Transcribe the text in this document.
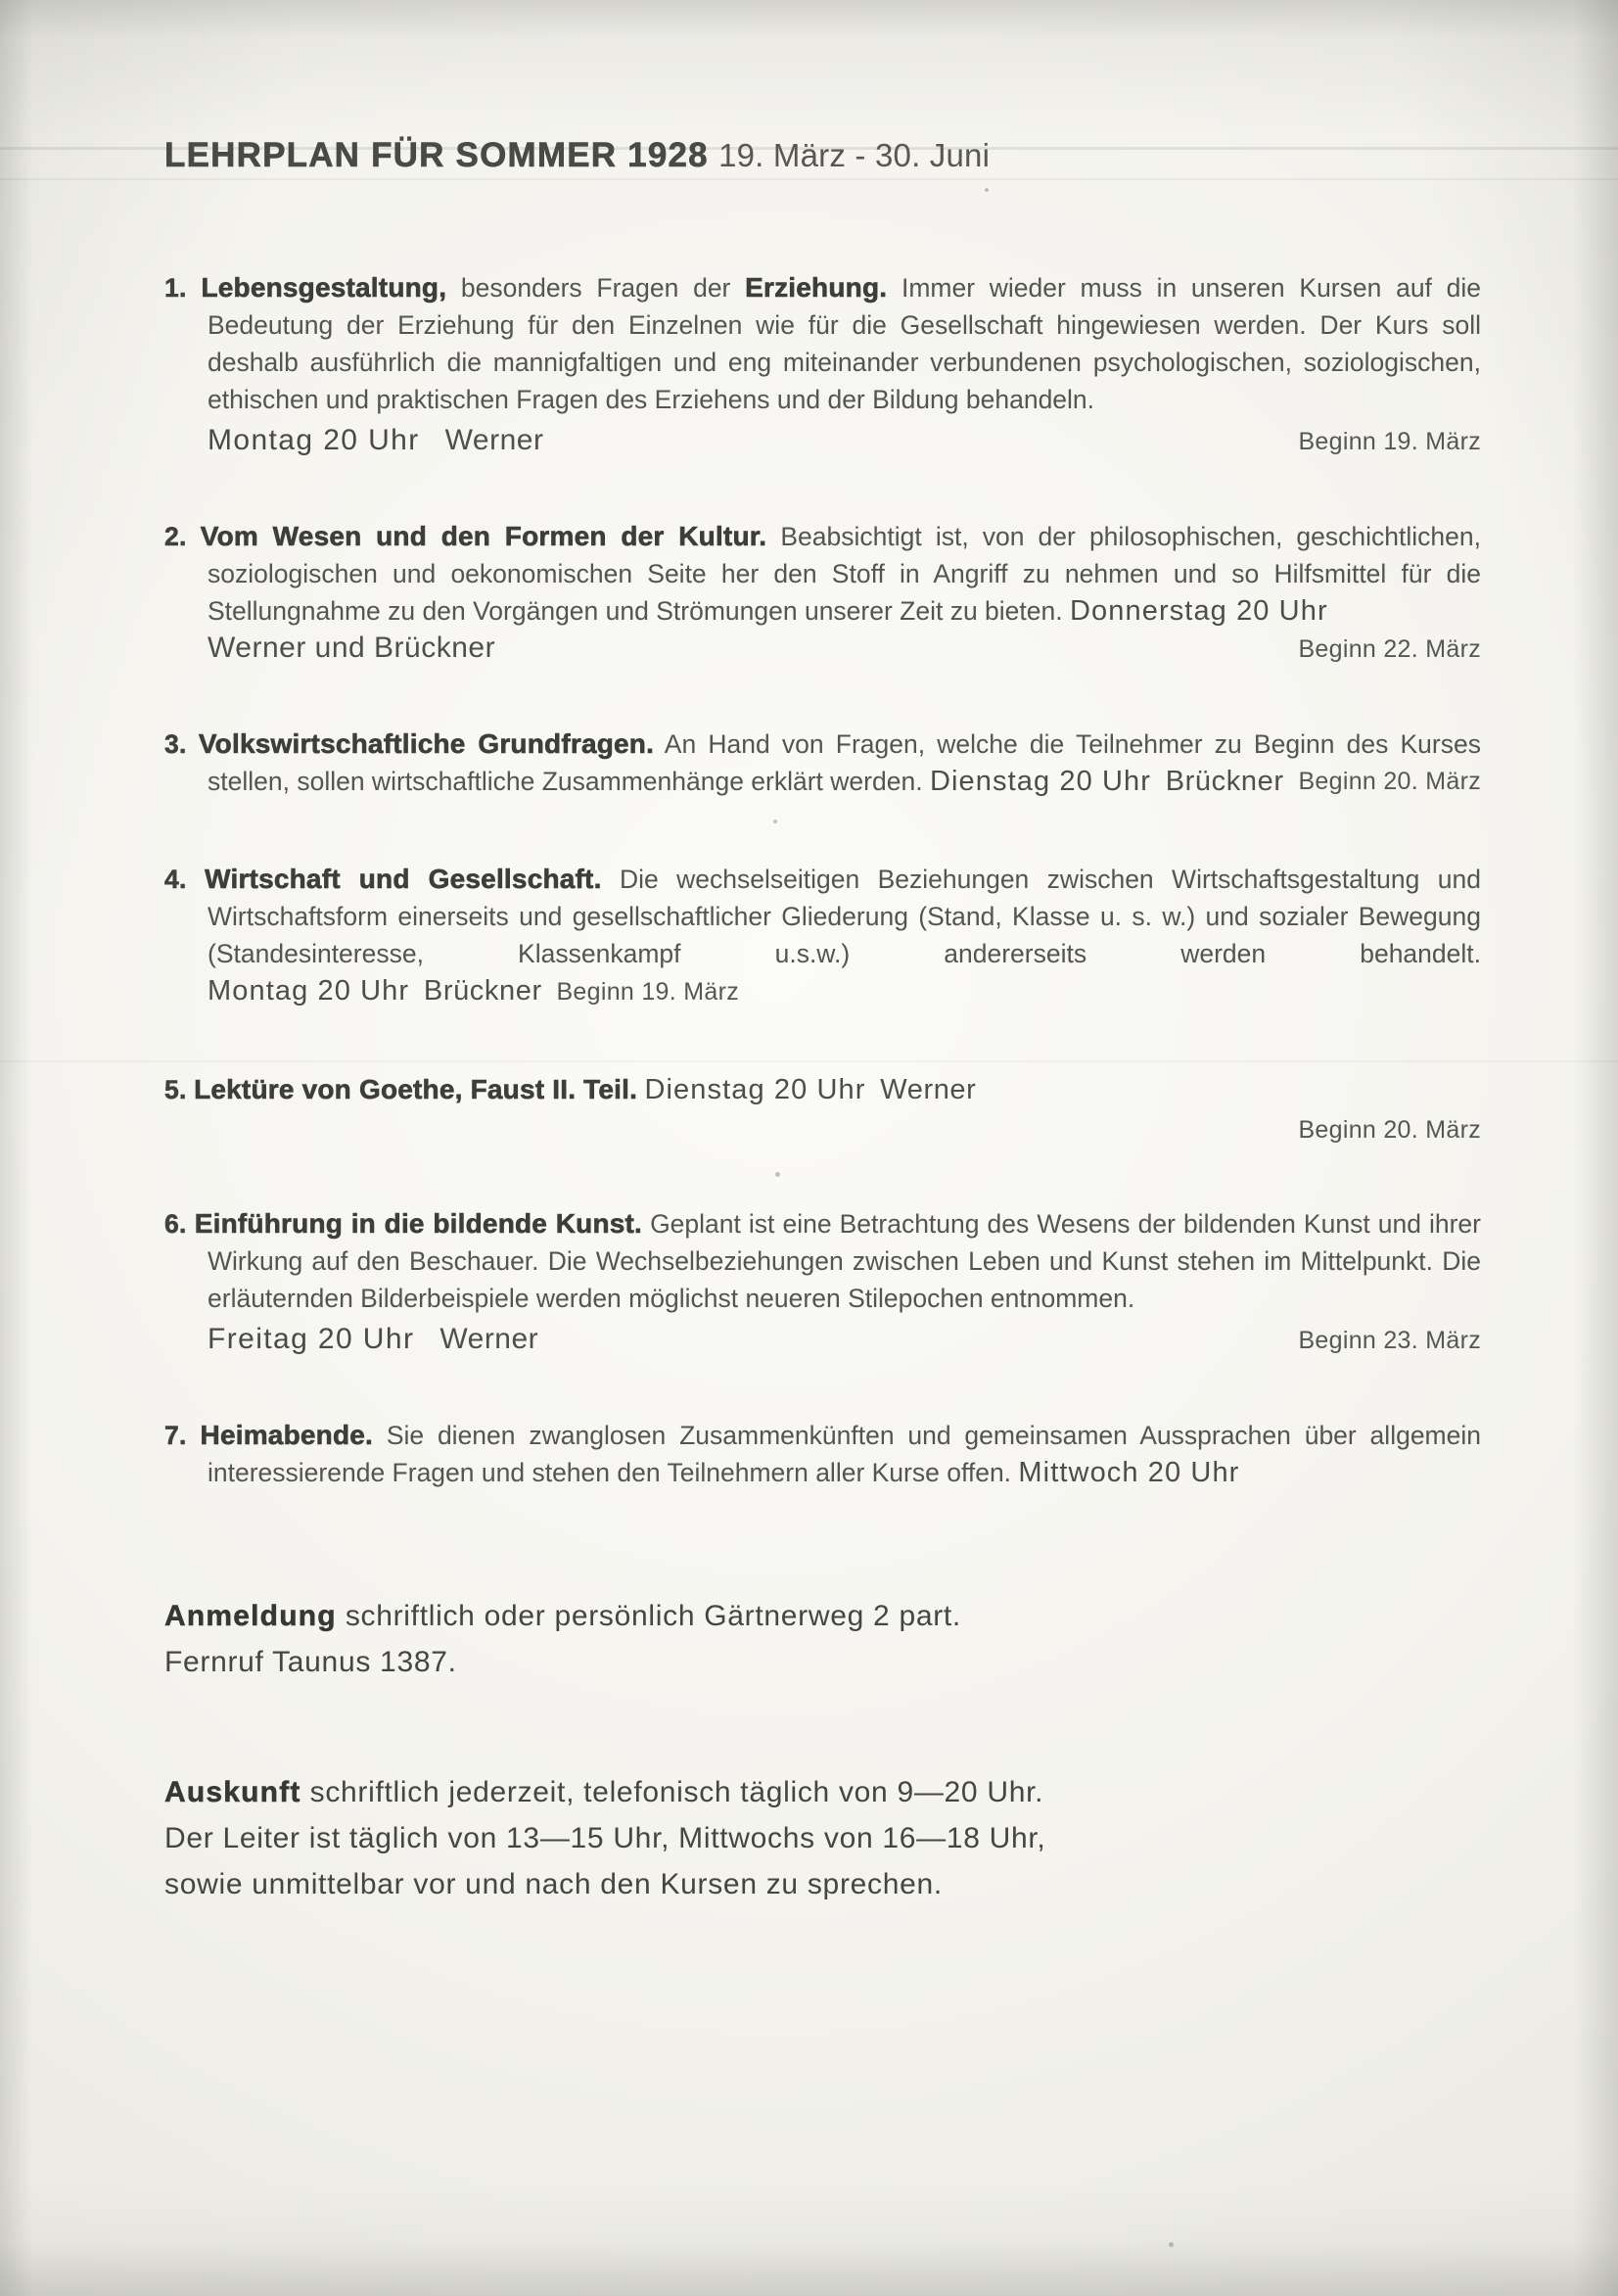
LEHRPLAN FÜR SOMMER 1928 19. März - 30. Juni

1. Lebensgestaltung, besonders Fragen der Erziehung. Immer wieder muss in unseren Kursen auf die Bedeutung der Erziehung für den Einzelnen wie für die Gesellschaft hingewiesen werden. Der Kurs soll deshalb ausführlich die mannigfaltigen und eng miteinander verbundenen psychologischen, soziologischen, ethischen und praktischen Fragen des Erziehens und der Bildung behandeln.

Montag 20 Uhr Werner	Beginn 19. März

2. Vom Wesen und den Formen der Kultur. Beabsichtigt ist, von der philosophischen, geschichtlichen, soziologischen und oekonomischen Seite her den Stoff in Angriff zu nehmen und so Hilfsmittel für die Stellungnahme zu den Vorgängen und Strömungen unserer Zeit zu bieten. Donnerstag 20 Uhr

Werner und Brückner	Beginn 22. März

3. Volkswirtschaftliche Grundfragen. An Hand von Fragen, welche die Teilnehmer zu Beginn des Kurses stellen, sollen wirtschaftliche Zusammenhänge erklärt werden. Dienstag 20 Uhr Brückner Beginn 20. März

4. Wirtschaft und Gesellschaft. Die wechselseitigen Beziehungen zwischen Wirtschaftsgestaltung und Wirtschaftsform einerseits und gesellschaftlicher Gliederung (Stand, Klasse u. s. w.) und sozialer Bewegung (Standesinteresse, Klassenkampf u.s.w.) andererseits werden behandelt. Montag 20 Uhr Brückner Beginn 19. März

5. Lektüre von Goethe, Faust II. Teil. Dienstag 20 Uhr Werner

Beginn 20. März

6. Einführung in die bildende Kunst. Geplant ist eine Betrachtung des Wesens der bildenden Kunst und ihrer Wirkung auf den Beschauer. Die Wechselbeziehungen zwischen Leben und Kunst stehen im Mittelpunkt. Die erläuternden Bilderbeispiele werden möglichst neueren Stilepochen entnommen.

Freitag 20 Uhr Werner	Beginn 23. März

7. Heimabende. Sie dienen zwanglosen Zusammenkünften und gemeinsamen Aussprachen über allgemein interessierende Fragen und stehen den Teilnehmern aller Kurse offen. Mittwoch 20 Uhr

Anmeldung schriftlich oder persönlich Gärtnerweg 2 part.
Fernruf Taunus 1387.
Auskunft schriftlich jederzeit, telefonisch täglich von 9—20 Uhr.
Der Leiter ist täglich von 13—15 Uhr, Mittwochs von 16—18 Uhr,
sowie unmittelbar vor und nach den Kursen zu sprechen.
